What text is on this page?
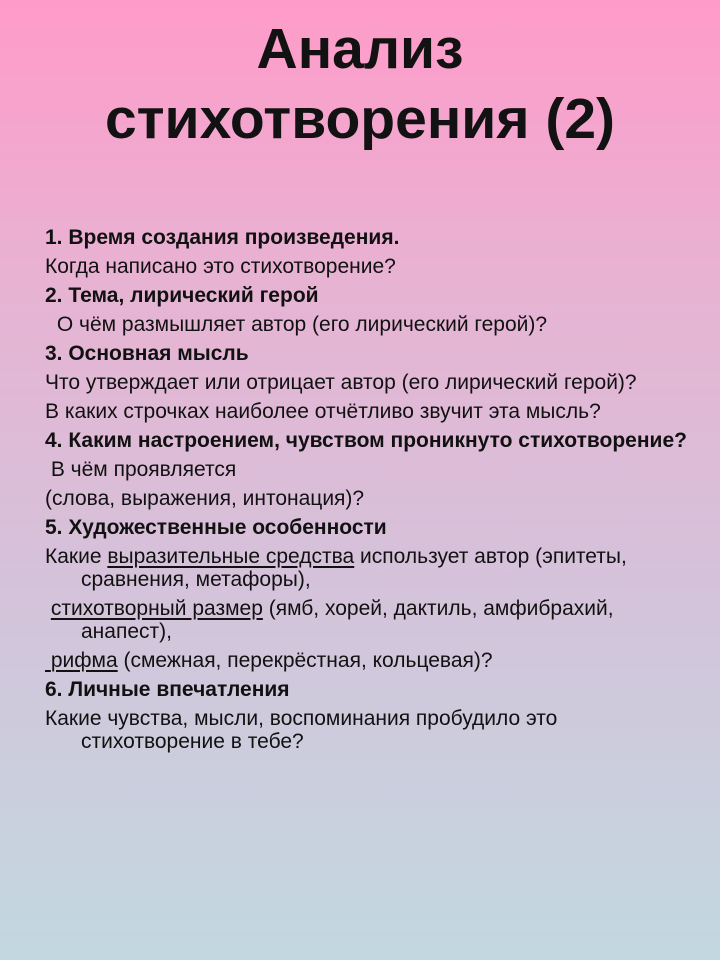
Анализ
стихотворения (2)

1. Время создания произведения.

Когда написано это стихотворение?

2. Тема, лирический герой

О чём размышляет автор (его лирический герой)?

3. Основная мысль

Что утверждает или отрицает автор (его лирический герой)?

В каких строчках наиболее отчётливо звучит эта мысль?

4. Каким настроением, чувством проникнуто стихотворение?

В чём проявляется

(слова, выражения, интонация)?

5. Художественные особенности

Какие выразительные средства использует автор (эпитеты, сравнения, метафоры),

стихотворный размер (ямб, хорей, дактиль, амфибрахий, анапест),

рифма (смежная, перекрёстная, кольцевая)?

6. Личные впечатления

Какие чувства, мысли, воспоминания пробудило это стихотворение в тебе?
